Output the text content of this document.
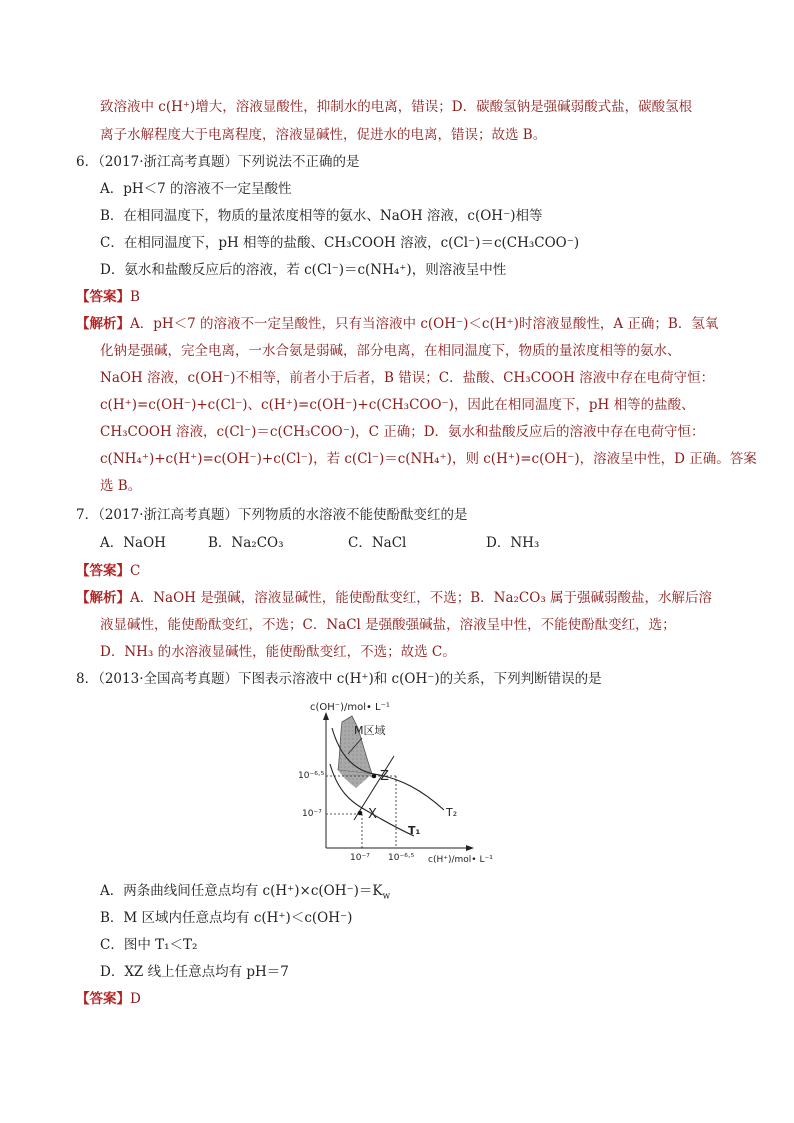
致溶液中 c(H⁺)增大，溶液显酸性，抑制水的电离，错误；D．碳酸氢钠是强碱弱酸式盐，碳酸氢根
离子水解程度大于电离程度，溶液显碱性，促进水的电离，错误；故选 B。
6．（2017·浙江高考真题）下列说法不正确的是
A．pH＜7 的溶液不一定呈酸性
B．在相同温度下，物质的量浓度相等的氨水、NaOH 溶液，c(OH⁻)相等
C．在相同温度下，pH 相等的盐酸、CH₃COOH 溶液，c(Cl⁻)＝c(CH₃COO⁻)
D．氨水和盐酸反应后的溶液，若 c(Cl⁻)＝c(NH₄⁺)，则溶液呈中性
【答案】B
【解析】A．pH＜7 的溶液不一定呈酸性，只有当溶液中 c(OH⁻)＜c(H⁺)时溶液显酸性，A 正确；B．氢氧
化钠是强碱，完全电离，一水合氨是弱碱，部分电离，在相同温度下，物质的量浓度相等的氨水、
NaOH 溶液，c(OH⁻)不相等，前者小于后者，B 错误；C．盐酸、CH₃COOH 溶液中存在电荷守恒：
c(H⁺)=c(OH⁻)+c(Cl⁻)、c(H⁺)=c(OH⁻)+c(CH₃COO⁻)，因此在相同温度下，pH 相等的盐酸、
CH₃COOH 溶液，c(Cl⁻)＝c(CH₃COO⁻)，C 正确；D．氨水和盐酸反应后的溶液中存在电荷守恒：
c(NH₄⁺)+c(H⁺)=c(OH⁻)+c(Cl⁻)，若 c(Cl⁻)＝c(NH₄⁺)，则 c(H⁺)=c(OH⁻)，溶液呈中性，D 正确。答案
选 B。
7．（2017·浙江高考真题）下列物质的水溶液不能使酚酞变红的是
A．NaOH	B．Na₂CO₃	C．NaCl	D．NH₃
【答案】C
【解析】A．NaOH 是强碱，溶液显碱性，能使酚酞变红，不选；B．Na₂CO₃ 属于强碱弱酸盐，水解后溶
液显碱性，能使酚酞变红，不选；C．NaCl 是强酸强碱盐，溶液呈中性，不能使酚酞变红，选；
D．NH₃ 的水溶液显碱性，能使酚酞变红，不选；故选 C。
8．（2013·全国高考真题）下图表示溶液中 c(H⁺)和 c(OH⁻)的关系，下列判断错误的是
c(OH⁻)/mol• L⁻¹
c(H⁺)/mol• L⁻¹
M区域
Z
X	T₂
T₁
10⁻⁶·⁵
10⁻⁷
10⁻⁷ 10⁻⁶·⁵
A．两条曲线间任意点均有 $c(H^+)\times c(OH^-)=K_w$
B．M 区域内任意点均有 c(H⁺)＜c(OH⁻)
C．图中 T₁＜T₂
D．XZ 线上任意点均有 pH＝7
【答案】D
